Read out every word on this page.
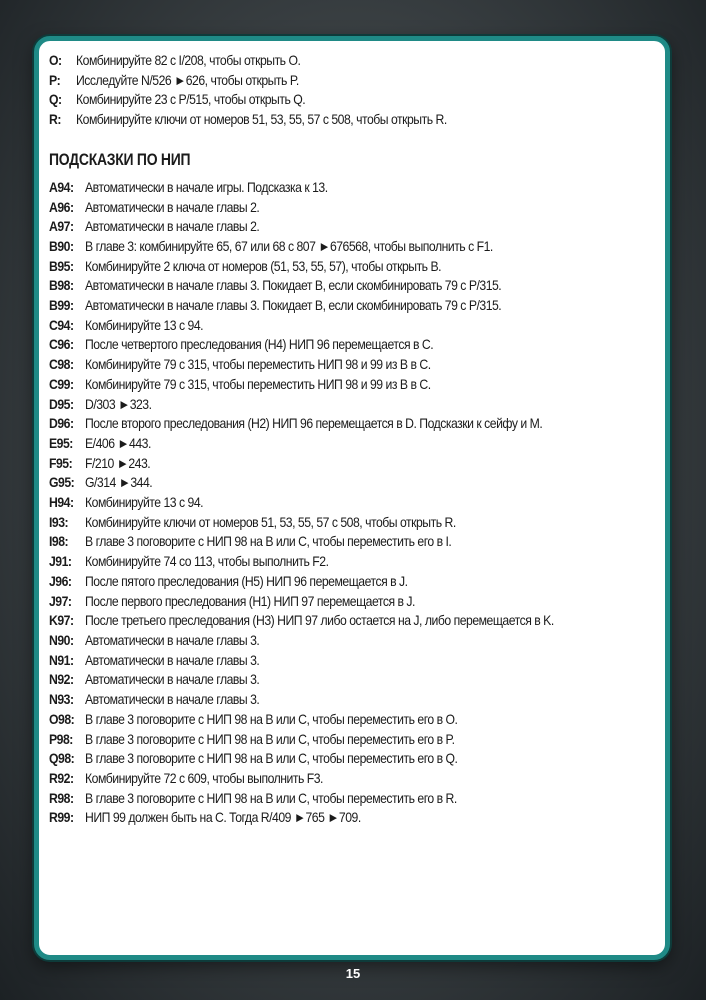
O:	Комбинируйте 82 с I/208, чтобы открыть O.
P:	Исследуйте N/526 ►626, чтобы открыть P.
Q:	Комбинируйте 23 с P/515, чтобы открыть Q.
R:	Комбинируйте ключи от номеров 51, 53, 55, 57 с 508, чтобы открыть R.
ПОДСКАЗКИ ПО НИП
A94: Автоматически в начале игры. Подсказка к 13.
A96: Автоматически в начале главы 2.
A97: Автоматически в начале главы 2.
B90: В главе 3: комбинируйте 65, 67 или 68 с 807 ►676568, чтобы выполнить с F1.
B95: Комбинируйте 2 ключа от номеров (51, 53, 55, 57), чтобы открыть B.
B98: Автоматически в начале главы 3. Покидает B, если скомбинировать 79 с P/315.
B99: Автоматически в начале главы 3. Покидает B, если скомбинировать 79 с P/315.
C94: Комбинируйте 13 с 94.
C96: После четвертого преследования (H4) НИП 96 перемещается в C.
C98: Комбинируйте 79 с 315, чтобы переместить НИП 98 и 99 из B в C.
C99: Комбинируйте 79 с 315, чтобы переместить НИП 98 и 99 из B в C.
D95: D/303 ►323.
D96: После второго преследования (H2) НИП 96 перемещается в D. Подсказки к сейфу и M.
E95: E/406 ►443.
F95: F/210 ►243.
G95: G/314 ►344.
H94: Комбинируйте 13 с 94.
I93:	Комбинируйте ключи от номеров 51, 53, 55, 57 с 508, чтобы открыть R.
I98:	В главе 3 поговорите с НИП 98 на B или C, чтобы переместить его в I.
J91: Комбинируйте 74 со 113, чтобы выполнить F2.
J96: После пятого преследования (H5) НИП 96 перемещается в J.
J97: После первого преследования (H1) НИП 97 перемещается в J.
K97: После третьего преследования (H3) НИП 97 либо остается на J, либо перемещается в K.
N90: Автоматически в начале главы 3.
N91: Автоматически в начале главы 3.
N92: Автоматически в начале главы 3.
N93: Автоматически в начале главы 3.
O98: В главе 3 поговорите с НИП 98 на B или C, чтобы переместить его в O.
P98: В главе 3 поговорите с НИП 98 на B или C, чтобы переместить его в P.
Q98: В главе 3 поговорите с НИП 98 на B или C, чтобы переместить его в Q.
R92: Комбинируйте 72 с 609, чтобы выполнить F3.
R98: В главе 3 поговорите с НИП 98 на B или C, чтобы переместить его в R.
R99: НИП 99 должен быть на C. Тогда R/409 ►765 ►709.
15
